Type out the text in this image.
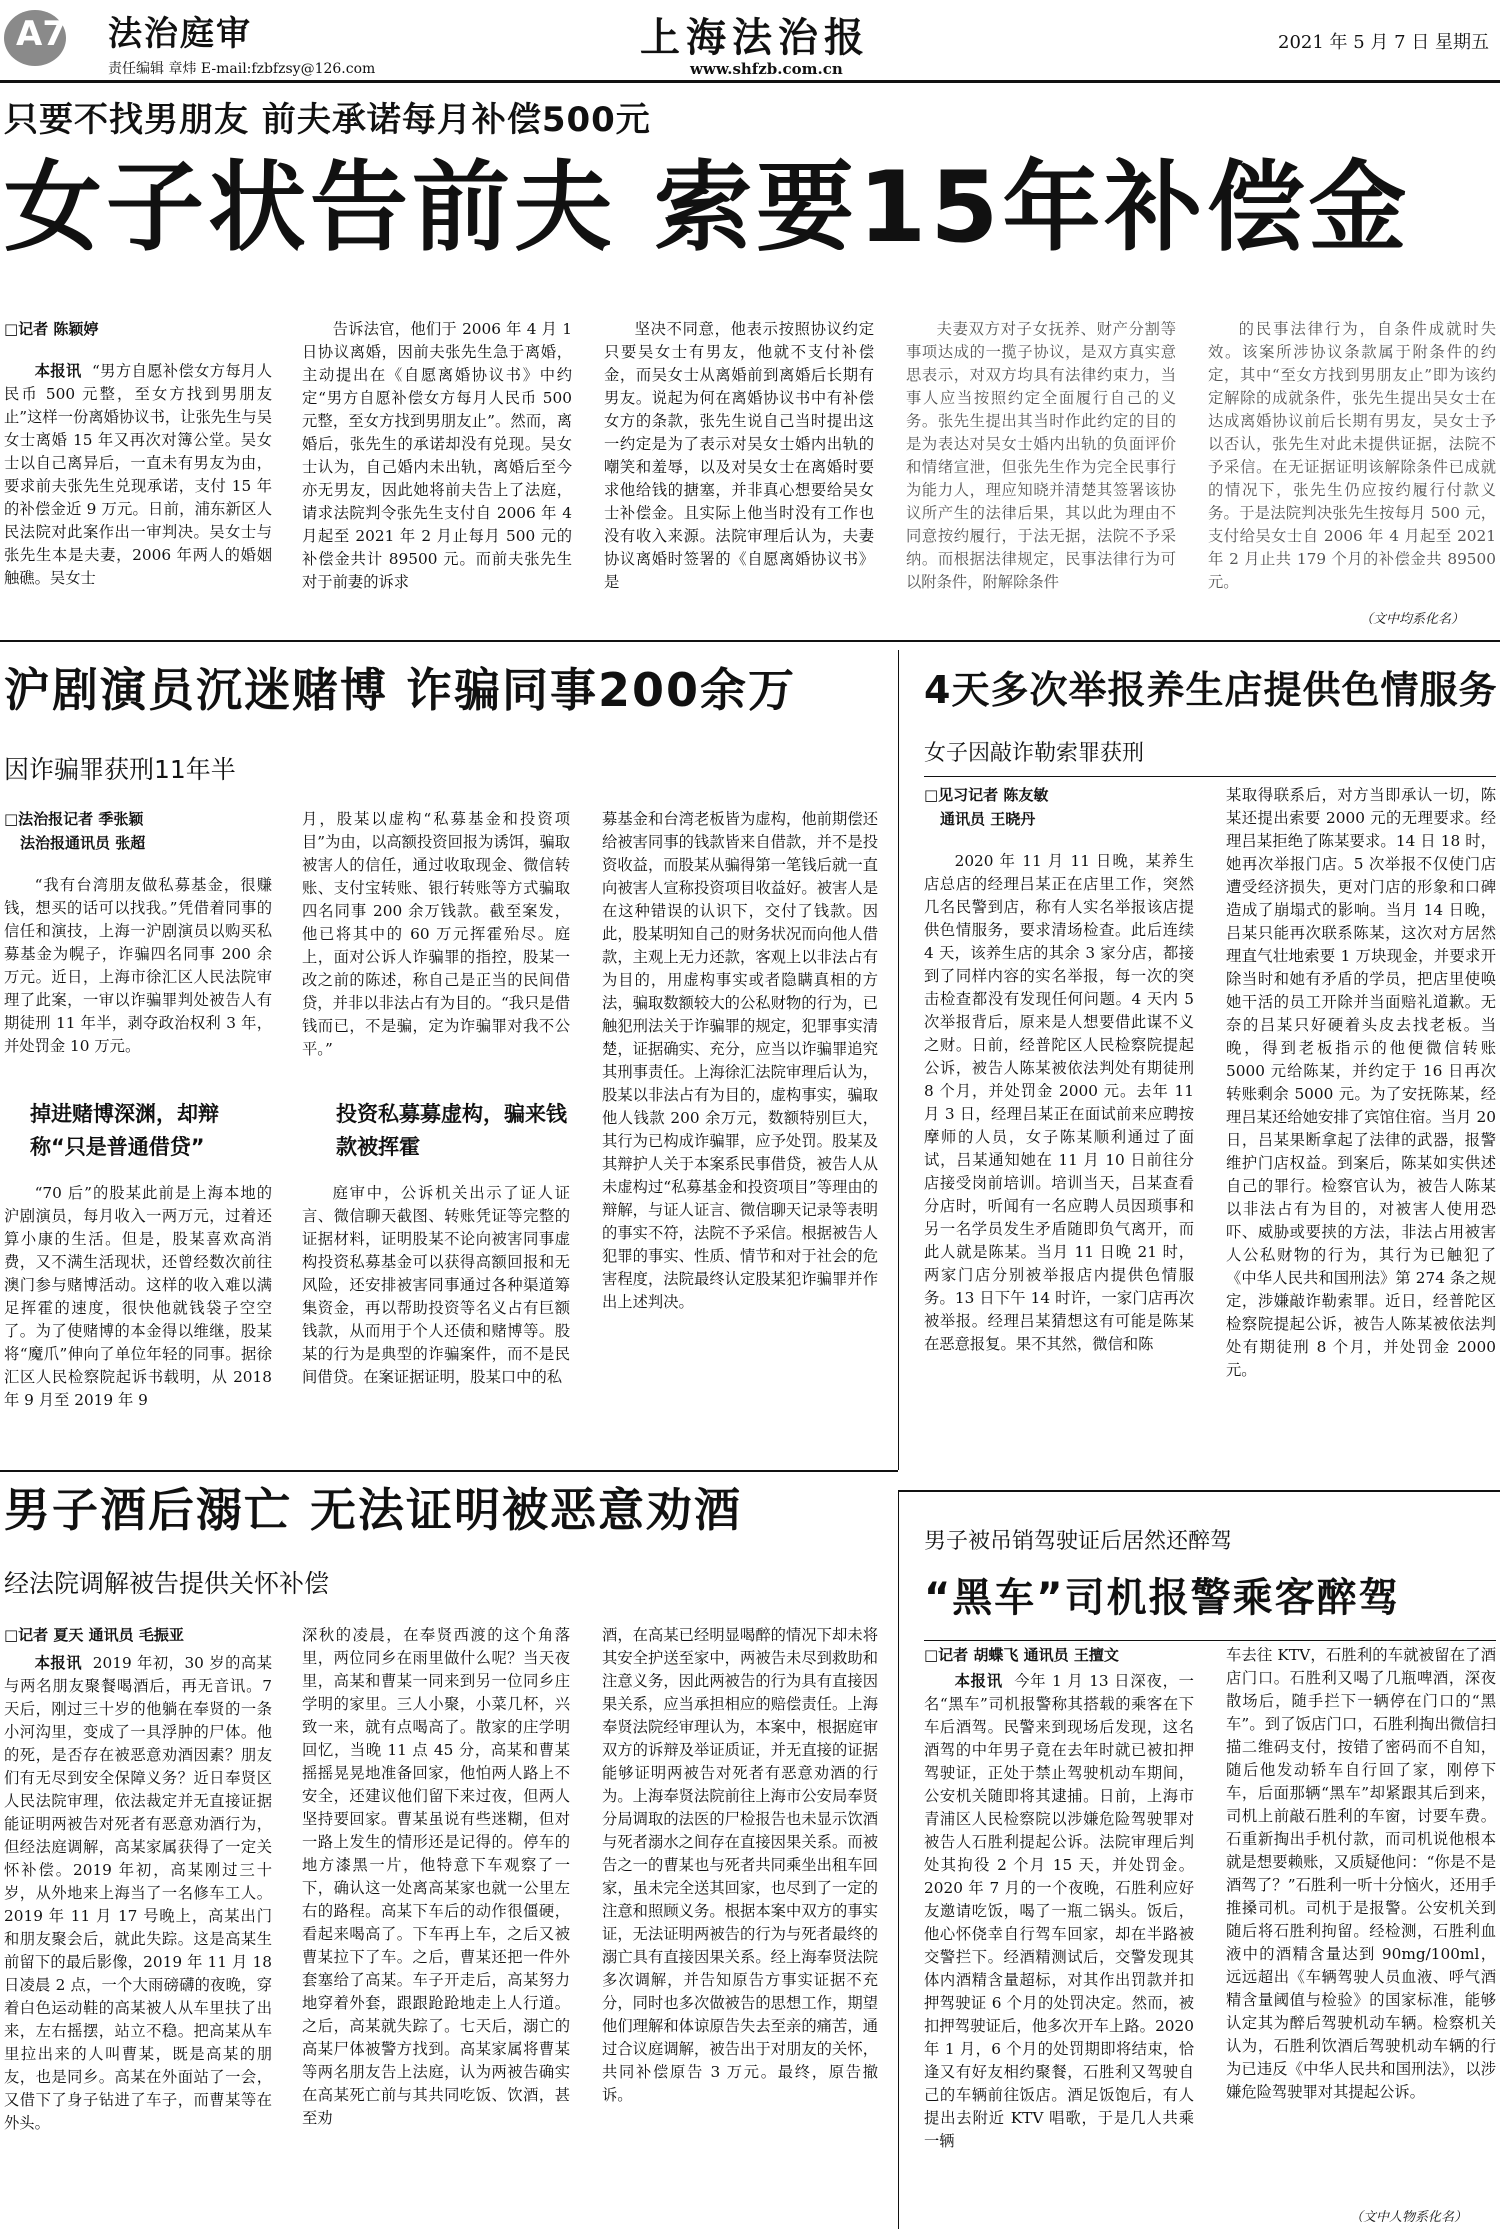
A7 法治庭审
责任编辑 章炜 E-mail:fzbfzsy@126.com
上海法治报
www.shfzb.com.cn
2021 年 5 月 7 日 星期五
只要不找男朋友 前夫承诺每月补偿500元
女子状告前夫 索要15年补偿金
□记者 陈颖婷

本报讯 “男方自愿补偿女方每月人民币 500 元整，至女方找到男朋友止”这样一份离婚协议书，让张先生与吴女士离婚 15 年又再次对簿公堂。吴女士以自己离异后，一直未有男友为由，要求前夫张先生兑现承诺，支付 15 年的补偿金近 9 万元。日前，浦东新区人民法院对此案作出一审判决。吴女士与张先生本是夫妻，2006 年两人的婚姻触礁。吴女士

告诉法官，他们于 2006 年 4 月 1 日协议离婚，因前夫张先生急于离婚，主动提出在《自愿离婚协议书》中约定“男方自愿补偿女方每月人民币 500 元整，至女方找到男朋友止”。然而，离婚后，张先生的承诺却没有兑现。吴女士认为，自己婚内未出轨，离婚后至今亦无男友，因此她将前夫告上了法庭，请求法院判令张先生支付自 2006 年 4 月起至 2021 年 2 月止每月 500 元的补偿金共计 89500 元。而前夫张先生对于前妻的诉求

坚决不同意，他表示按照协议约定只要吴女士有男友，他就不支付补偿金，而吴女士从离婚前到离婚后长期有男友。说起为何在离婚协议书中有补偿女方的条款，张先生说自己当时提出这一约定是为了表示对吴女士婚内出轨的嘲笑和羞辱，以及对吴女士在离婚时要求他给钱的搪塞，并非真心想要给吴女士补偿金。且实际上他当时没有工作也没有收入来源。法院审理后认为，夫妻协议离婚时签署的《自愿离婚协议书》是

夫妻双方对子女抚养、财产分割等事项达成的一揽子协议，是双方真实意思表示，对双方均具有法律约束力，当事人应当按照约定全面履行自己的义务。张先生提出其当时作此约定的目的是为表达对吴女士婚内出轨的负面评价和情绪宣泄，但张先生作为完全民事行为能力人，理应知晓并清楚其签署该协议所产生的法律后果，其以此为理由不同意按约履行，于法无据，法院不予采纳。而根据法律规定，民事法律行为可以附条件，附解除条件

的民事法律行为，自条件成就时失效。该案所涉协议条款属于附条件的约定，其中“至女方找到男朋友止”即为该约定解除的成就条件，张先生提出吴女士在达成离婚协议前后长期有男友，吴女士予以否认，张先生对此未提供证据，法院不予采信。在无证据证明该解除条件已成就的情况下，张先生仍应按约履行付款义务。于是法院判决张先生按每月 500 元，支付给吴女士自 2006 年 4 月起至 2021 年 2 月止共 179 个月的补偿金共 89500 元。

（文中均系化名）
沪剧演员沉迷赌博 诈骗同事200余万
因诈骗罪获刑11年半
□法治报记者 季张颖
法治报通讯员 张超

“我有台湾朋友做私募基金，很赚钱，想买的话可以找我。”凭借着同事的信任和演技，上海一沪剧演员以购买私募基金为幌子，诈骗四名同事 200 余万元。近日，上海市徐汇区人民法院审理了此案，一审以诈骗罪判处被告人有期徒刑 11 年半，剥夺政治权利 3 年，并处罚金 10 万元。

掉进赌博深渊，却辩称“只是普通借贷”

“70 后”的股某此前是上海本地的沪剧演员，每月收入一两万元，过着还算小康的生活。但是，股某喜欢高消费，又不满生活现状，还曾经数次前往澳门参与赌博活动。这样的收入难以满足挥霍的速度，很快他就钱袋子空空了。为了使赌博的本金得以维继，股某将“魔爪”伸向了单位年轻的同事。据徐汇区人民检察院起诉书载明，从 2018 年 9 月至 2019 年 9

月，股某以虚构“私募基金和投资项目”为由，以高额投资回报为诱饵，骗取被害人的信任，通过收取现金、微信转账、支付宝转账、银行转账等方式骗取四名同事 200 余万钱款。截至案发，他已将其中的 60 万元挥霍殆尽。庭上，面对公诉人诈骗罪的指控，股某一改之前的陈述，称自己是正当的民间借贷，并非以非法占有为目的。“我只是借钱而已，不是骗，定为诈骗罪对我不公平。”

投资私募募虚构，骗来钱款被挥霍

庭审中，公诉机关出示了证人证言、微信聊天截图、转账凭证等完整的证据材料，证明股某不论向被害同事虚构投资私募基金可以获得高额回报和无风险，还安排被害同事通过各种渠道筹集资金，再以帮助投资等名义占有巨额钱款，从而用于个人还债和赌博等。股某的行为是典型的诈骗案件，而不是民间借贷。在案证据证明，股某口中的私

募基金和台湾老板皆为虚构，他前期偿还给被害同事的钱款皆来自借款，并不是投资收益，而股某从骗得第一笔钱后就一直向被害人宣称投资项目收益好。被害人是在这种错误的认识下，交付了钱款。因此，股某明知自己的财务状况而向他人借款，主观上无力还款，客观上以非法占有为目的，用虚构事实或者隐瞒真相的方法，骗取数额较大的公私财物的行为，已触犯刑法关于诈骗罪的规定，犯罪事实清楚，证据确实、充分，应当以诈骗罪追究其刑事责任。上海徐汇法院审理后认为，股某以非法占有为目的，虚构事实，骗取他人钱款 200 余万元，数额特别巨大，其行为已构成诈骗罪，应予处罚。股某及其辩护人关于本案系民事借贷，被告人从未虚构过“私募基金和投资项目”等理由的辩解，与证人证言、微信聊天记录等表明的事实不符，法院不予采信。根据被告人犯罪的事实、性质、情节和对于社会的危害程度，法院最终认定股某犯诈骗罪并作出上述判决。

4天多次举报养生店提供色情服务
女子因敲诈勒索罪获刑
□见习记者 陈友敏
通讯员 王晓丹

2020 年 11 月 11 日晚，某养生店总店的经理吕某正在店里工作，突然几名民警到店，称有人实名举报该店提供色情服务，要求清场检查。此后连续 4 天，该养生店的其余 3 家分店，都接到了同样内容的实名举报，每一次的突击检查都没有发现任何问题。4 天内 5 次举报背后，原来是人想要借此谋不义之财。日前，经普陀区人民检察院提起公诉，被告人陈某被依法判处有期徒刑 8 个月，并处罚金 2000 元。去年 11 月 3 日，经理吕某正在面试前来应聘按摩师的人员，女子陈某顺利通过了面试，吕某通知她在 11 月 10 日前往分店接受岗前培训。培训当天，吕某查看分店时，听闻有一名应聘人员因琐事和另一名学员发生矛盾随即负气离开，而此人就是陈某。当月 11 日晚 21 时，两家门店分别被举报店内提供色情服务。13 日下午 14 时许，一家门店再次被举报。经理吕某猜想这有可能是陈某在恶意报复。果不其然，微信和陈

某取得联系后，对方当即承认一切，陈某还提出索要 2000 元的无理要求。经理吕某拒绝了陈某要求。14 日 18 时，她再次举报门店。5 次举报不仅使门店遭受经济损失，更对门店的形象和口碑造成了崩塌式的影响。当月 14 日晚，吕某只能再次联系陈某，这次对方居然理直气壮地索要 1 万块现金，并要求开除当时和她有矛盾的学员，把店里使唤她干活的员工开除并当面赔礼道歉。无奈的吕某只好硬着头皮去找老板。当晚，得到老板指示的他便微信转账 5000 元给陈某，并约定于 16 日再次转账剩余 5000 元。为了安抚陈某，经理吕某还给她安排了宾馆住宿。当月 20 日，吕某果断拿起了法律的武器，报警维护门店权益。到案后，陈某如实供述自己的罪行。检察官认为，被告人陈某以非法占有为目的，对被害人使用恐吓、威胁或要挟的方法，非法占用被害人公私财物的行为，其行为已触犯了《中华人民共和国刑法》第 274 条之规定，涉嫌敲诈勒索罪。近日，经普陀区检察院提起公诉，被告人陈某被依法判处有期徒刑 8 个月，并处罚金 2000 元。

男子酒后溺亡 无法证明被恶意劝酒
经法院调解被告提供关怀补偿
□记者 夏天 通讯员 毛振亚

本报讯 2019 年初，30 岁的高某与两名朋友聚餐喝酒后，再无音讯。7 天后，刚过三十岁的他躺在奉贤的一条小河沟里，变成了一具浮肿的尸体。他的死，是否存在被恶意劝酒因素？朋友们有无尽到安全保障义务？近日奉贤区人民法院审理，依法裁定并无直接证据能证明两被告对死者有恶意劝酒行为，但经法庭调解，高某家属获得了一定关怀补偿。2019 年初，高某刚过三十岁，从外地来上海当了一名修车工人。2019 年 11 月 17 号晚上，高某出门和朋友聚会后，就此失踪。这是高某生前留下的最后影像，2019 年 11 月 18 日凌晨 2 点，一个大雨磅礴的夜晚，穿着白色运动鞋的高某被人从车里扶了出来，左右摇摆，站立不稳。把高某从车里拉出来的人叫曹某，既是高某的朋友，也是同乡。高某在外面站了一会，又借下了身子钻进了车子，而曹某等在外头。

深秋的凌晨，在奉贤西渡的这个角落里，两位同乡在雨里做什么呢？当天夜里，高某和曹某一同来到另一位同乡庄学明的家里。三人小聚，小菜几杯，兴致一来，就有点喝高了。散家的庄学明回忆，当晚 11 点 45 分，高某和曹某摇摇晃晃地准备回家，他怕两人路上不安全，还建议他们留下来过夜，但两人坚持要回家。曹某虽说有些迷糊，但对一路上发生的情形还是记得的。停车的地方漆黑一片，他特意下车观察了一下，确认这一处离高某家也就一公里左右的路程。高某下车后的动作很僵硬，看起来喝高了。下车再上车，之后又被曹某拉下了车。之后，曹某还把一件外套塞给了高某。车子开走后，高某努力地穿着外套，跟跟跄跄地走上人行道。之后，高某就失踪了。七天后，溺亡的高某尸体被警方找到。高某家属将曹某等两名朋友告上法庭，认为两被告确实在高某死亡前与其共同吃饭、饮酒，甚至劝

酒，在高某已经明显喝醉的情况下却未将其安全护送至家中，两被告未尽到救助和注意义务，因此两被告的行为具有直接因果关系，应当承担相应的赔偿责任。上海奉贤法院经审理认为，本案中，根据庭审双方的诉辩及举证质证，并无直接的证据能够证明两被告对死者有恶意劝酒的行为。上海奉贤法院前往上海市公安局奉贤分局调取的法医的尸检报告也未显示饮酒与死者溺水之间存在直接因果关系。而被告之一的曹某也与死者共同乘坐出租车回家，虽未完全送其回家，也尽到了一定的注意和照顾义务。根据本案中双方的事实证，无法证明两被告的行为与死者最终的溺亡具有直接因果关系。经上海奉贤法院多次调解，并告知原告方事实证据不充分，同时也多次做被告的思想工作，期望他们理解和体谅原告失去至亲的痛苦，通过合议庭调解，被告出于对朋友的关怀，共同补偿原告 3 万元。最终，原告撤诉。

男子被吊销驾驶证后居然还醉驾
“黑车”司机报警乘客醉驾
□记者 胡蝶飞 通讯员 王擅文

本报讯 今年 1 月 13 日深夜，一名“黑车”司机报警称其搭载的乘客在下车后酒驾。民警来到现场后发现，这名酒驾的中年男子竟在去年时就已被扣押驾驶证，正处于禁止驾驶机动车期间，公安机关随即将其逮捕。日前，上海市青浦区人民检察院以涉嫌危险驾驶罪对被告人石胜利提起公诉。法院审理后判处其拘役 2 个月 15 天，并处罚金。2020 年 7 月的一个夜晚，石胜利应好友邀请吃饭，喝了一瓶二锅头。饭后，他心怀侥幸自行驾车回家，却在半路被交警拦下。经酒精测试后，交警发现其体内酒精含量超标，对其作出罚款并扣押驾驶证 6 个月的处罚决定。然而，被扣押驾驶证后，他多次开车上路。2020 年 1 月，6 个月的处罚期即将结束，恰逢又有好友相约聚餐，石胜利又驾驶自己的车辆前往饭店。酒足饭饱后，有人提出去附近 KTV 唱歌，于是几人共乘一辆

车去往 KTV，石胜利的车就被留在了酒店门口。石胜利又喝了几瓶啤酒，深夜散场后，随手拦下一辆停在门口的“黑车”。到了饭店门口，石胜利掏出微信扫描二维码支付，按错了密码而不自知，随后他发动轿车自行回了家，刚停下车，后面那辆“黑车”却紧跟其后到来，司机上前敲石胜利的车窗，讨要车费。石重新掏出手机付款，而司机说他根本就是想要赖账，又质疑他问：“你是不是酒驾了？”石胜利一听十分恼火，还用手推搡司机。司机于是报警。公安机关到随后将石胜利拘留。经检测，石胜利血液中的酒精含量达到 90mg/100ml，远远超出《车辆驾驶人员血液、呼气酒精含量阈值与检验》的国家标准，能够认定其为醉后驾驶机动车辆。检察机关认为，石胜利饮酒后驾驶机动车辆的行为已违反《中华人民共和国刑法》，以涉嫌危险驾驶罪对其提起公诉。

（文中人物系化名）
